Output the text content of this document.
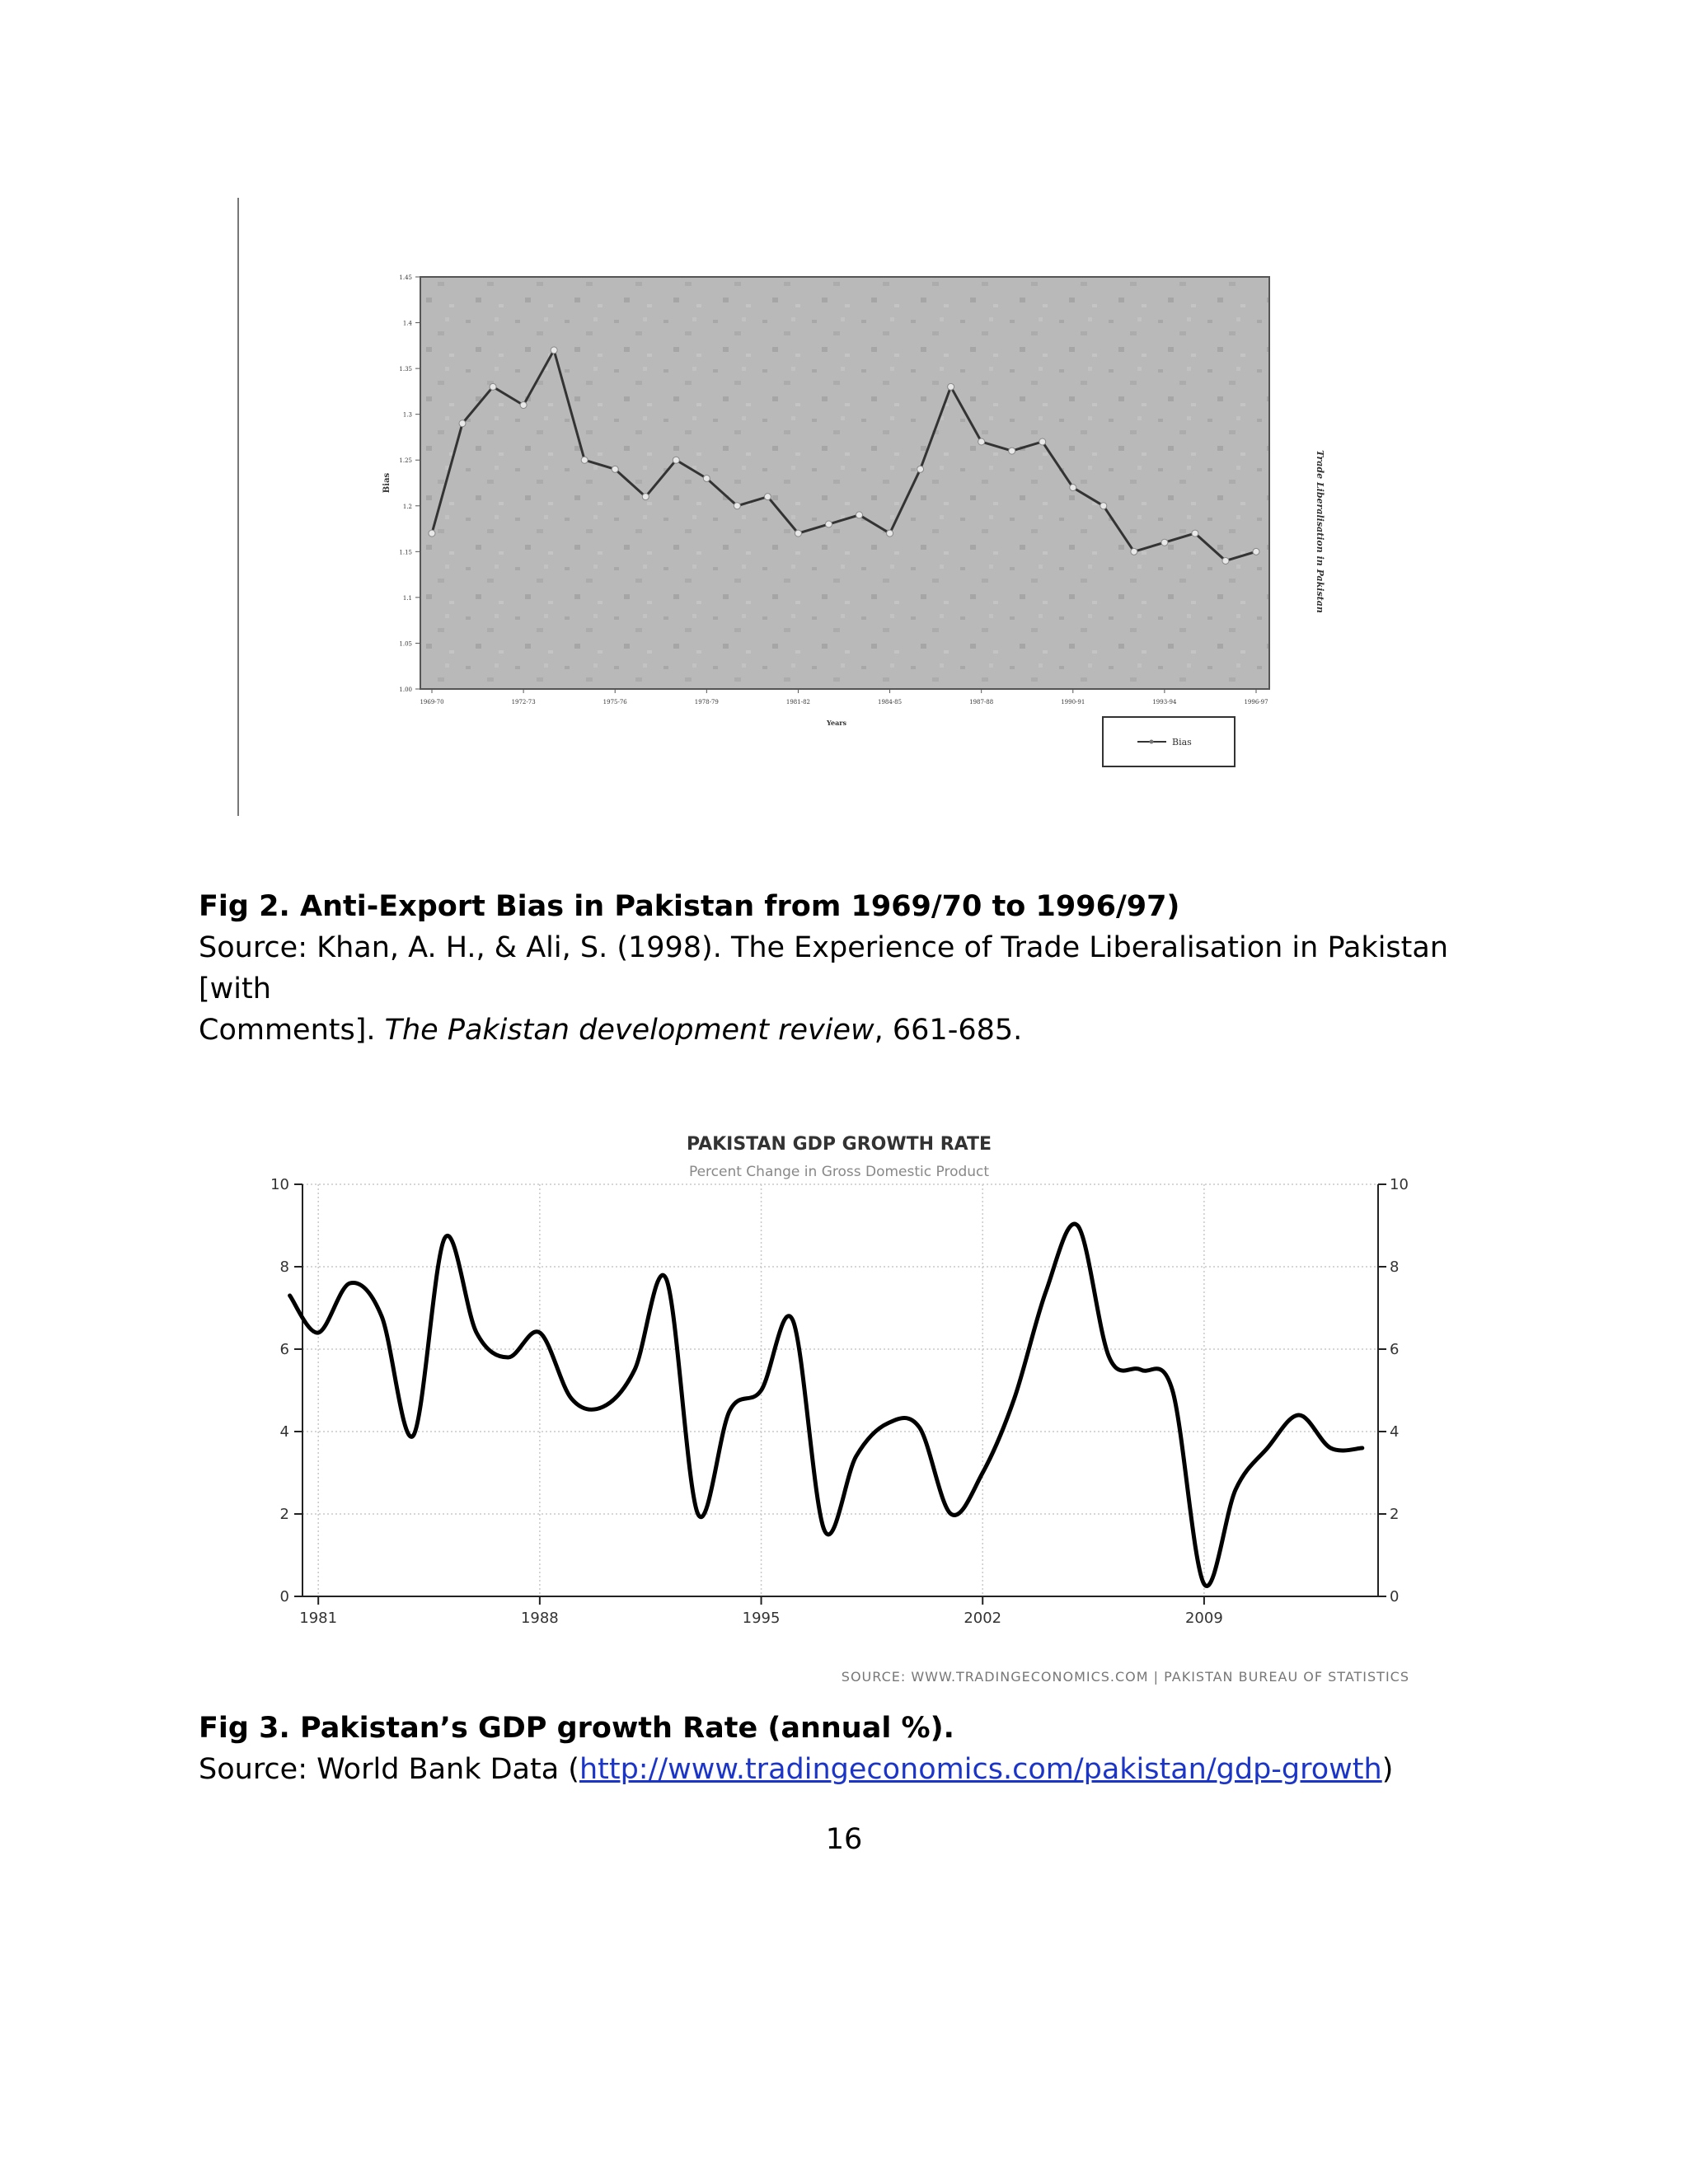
1.00
1.05
1.1
1.15
1.2
1.25
1.3
1.35
1.4
1.45
1969-70	1972-73	1975-76	1978-79	1981-82	1984-85	1987-88	1990-91	1993-94	1996-97
Bias
Years
Trade Liberalisation in Pakistan
Bias
Fig 2. Anti-Export Bias in Pakistan from 1969/70 to 1996/97)
Source: Khan, A. H., & Ali, S. (1998). The Experience of Trade Liberalisation in Pakistan [with
Comments]. The Pakistan development review, 661-685.
PAKISTAN GDP GROWTH RATE
Percent Change in Gross Domestic Product
0
2
4
6
8
10
0
2
4
6
8
10
1981	1988	1995	2002	2009
SOURCE: WWW.TRADINGECONOMICS.COM | PAKISTAN BUREAU OF STATISTICS
Fig 3. Pakistan’s GDP growth Rate (annual %).
Source: World Bank Data (http://www.tradingeconomics.com/pakistan/gdp-growth)
16
